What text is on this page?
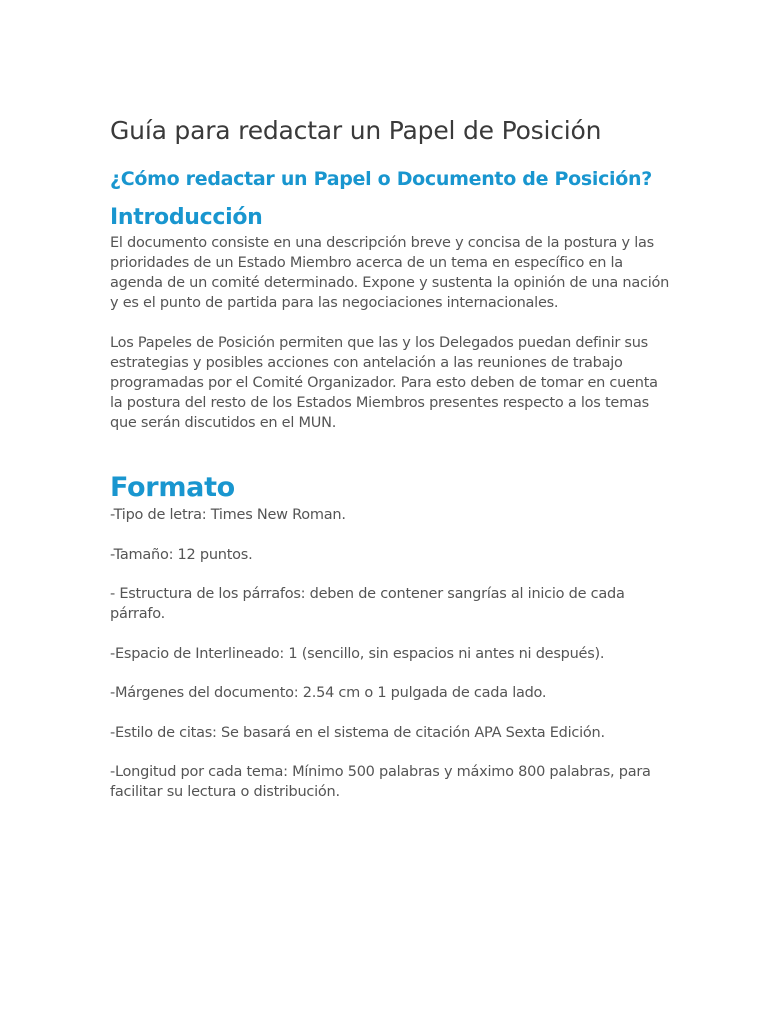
Guía para redactar un Papel de Posición
¿Cómo redactar un Papel o Documento de Posición?
Introducción

El documento consiste en una descripción breve y concisa de la postura y las prioridades de un Estado Miembro acerca de un tema en específico en la agenda de un comité determinado. Expone y sustenta la opinión de una nación y es el punto de partida para las negociaciones internacionales.

Los Papeles de Posición permiten que las y los Delegados puedan definir sus estrategias y posibles acciones con antelación a las reuniones de trabajo programadas por el Comité Organizador. Para esto deben de tomar en cuenta la postura del resto de los Estados Miembros presentes respecto a los temas que serán discutidos en el MUN.

Formato

-Tipo de letra: Times New Roman.

-Tamaño: 12 puntos.

- Estructura de los párrafos: deben de contener sangrías al inicio de cada párrafo.

-Espacio de Interlineado: 1 (sencillo, sin espacios ni antes ni después).

-Márgenes del documento: 2.54 cm o 1 pulgada de cada lado.

-Estilo de citas: Se basará en el sistema de citación APA Sexta Edición.

-Longitud por cada tema: Mínimo 500 palabras y máximo 800 palabras, para facilitar su lectura o distribución.
